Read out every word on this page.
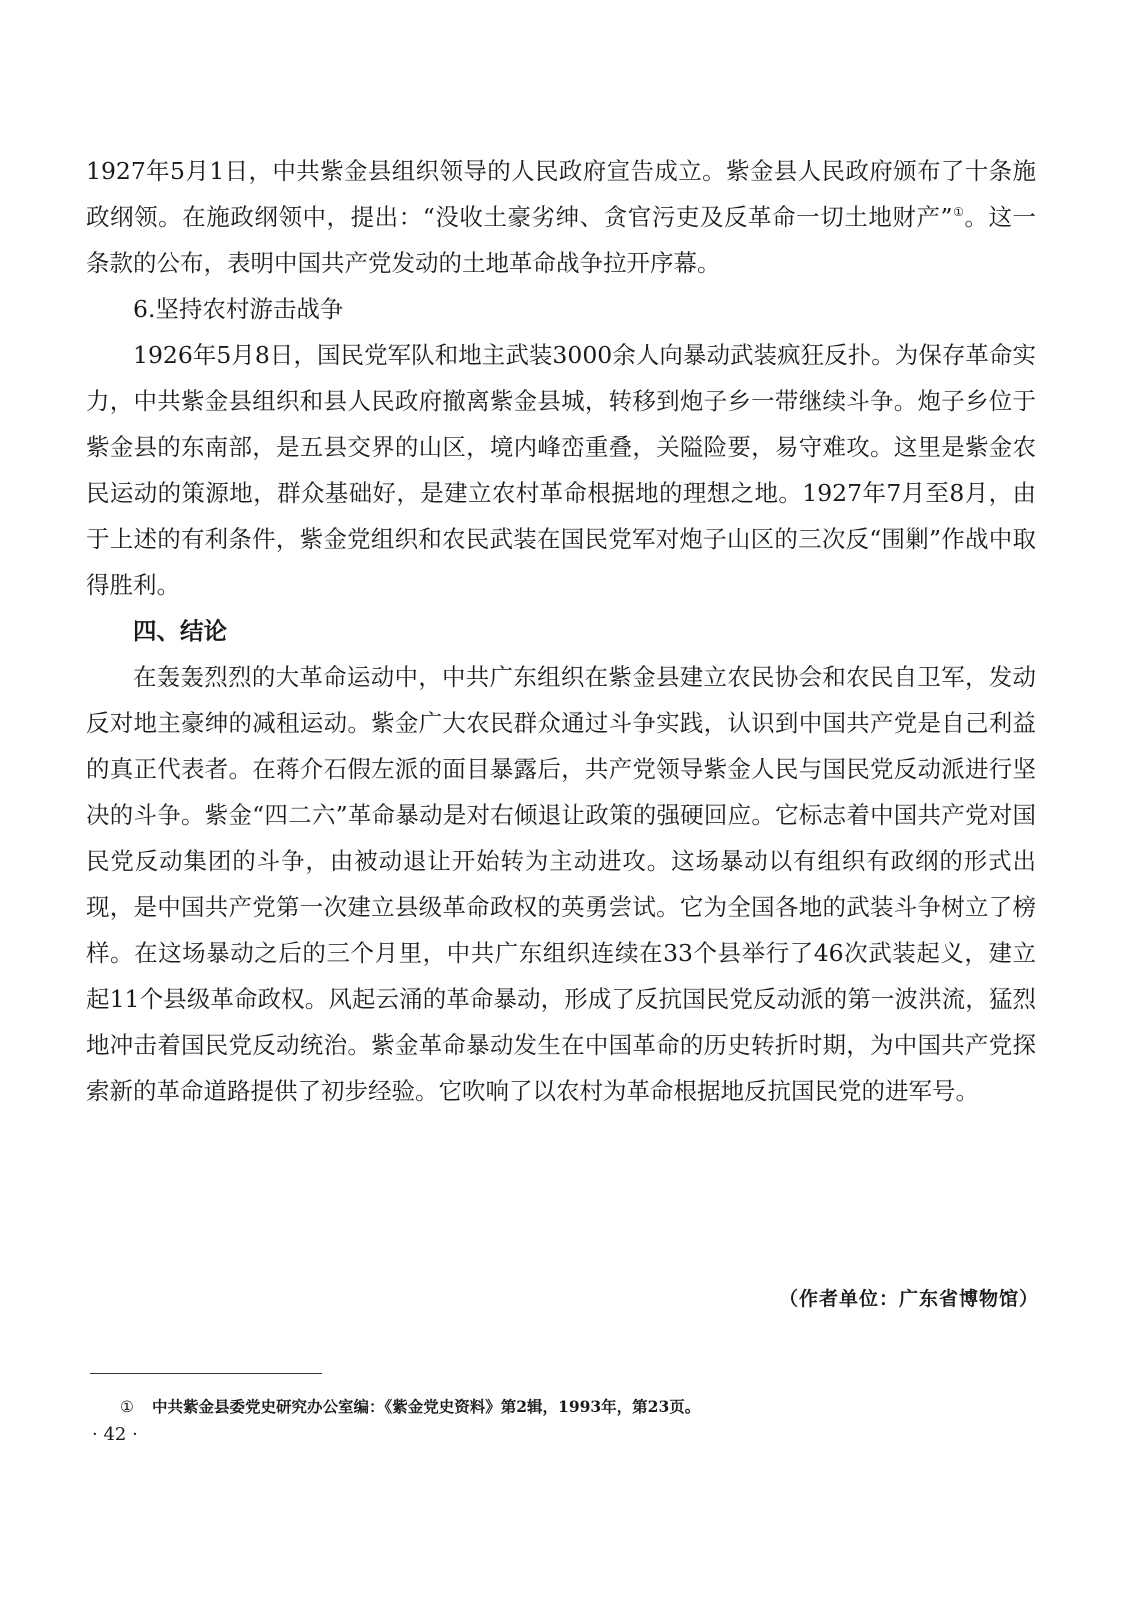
1927年5月1日，中共紫金县组织领导的人民政府宣告成立。紫金县人民政府颁布了十条施政纲领。在施政纲领中，提出：“没收土豪劣绅、贪官污吏及反革命一切土地财产”①。这一条款的公布，表明中国共产党发动的土地革命战争拉开序幕。

6.坚持农村游击战争

1926年5月8日，国民党军队和地主武装3000余人向暴动武装疯狂反扑。为保存革命实力，中共紫金县组织和县人民政府撤离紫金县城，转移到炮子乡一带继续斗争。炮子乡位于紫金县的东南部，是五县交界的山区，境内峰峦重叠，关隘险要，易守难攻。这里是紫金农民运动的策源地，群众基础好，是建立农村革命根据地的理想之地。1927年7月至8月，由于上述的有利条件，紫金党组织和农民武装在国民党军对炮子山区的三次反“围剿”作战中取得胜利。

四、结论

在轰轰烈烈的大革命运动中，中共广东组织在紫金县建立农民协会和农民自卫军，发动反对地主豪绅的减租运动。紫金广大农民群众通过斗争实践，认识到中国共产党是自己利益的真正代表者。在蒋介石假左派的面目暴露后，共产党领导紫金人民与国民党反动派进行坚决的斗争。紫金“四二六”革命暴动是对右倾退让政策的强硬回应。它标志着中国共产党对国民党反动集团的斗争，由被动退让开始转为主动进攻。这场暴动以有组织有政纲的形式出现，是中国共产党第一次建立县级革命政权的英勇尝试。它为全国各地的武装斗争树立了榜样。在这场暴动之后的三个月里，中共广东组织连续在33个县举行了46次武装起义，建立起11个县级革命政权。风起云涌的革命暴动，形成了反抗国民党反动派的第一波洪流，猛烈地冲击着国民党反动统治。紫金革命暴动发生在中国革命的历史转折时期，为中国共产党探索新的革命道路提供了初步经验。它吹响了以农村为革命根据地反抗国民党的进军号。

（作者单位：广东省博物馆）
① 中共紫金县委党史研究办公室编：《紫金党史资料》第2辑，1993年，第23页。
· 42 ·
